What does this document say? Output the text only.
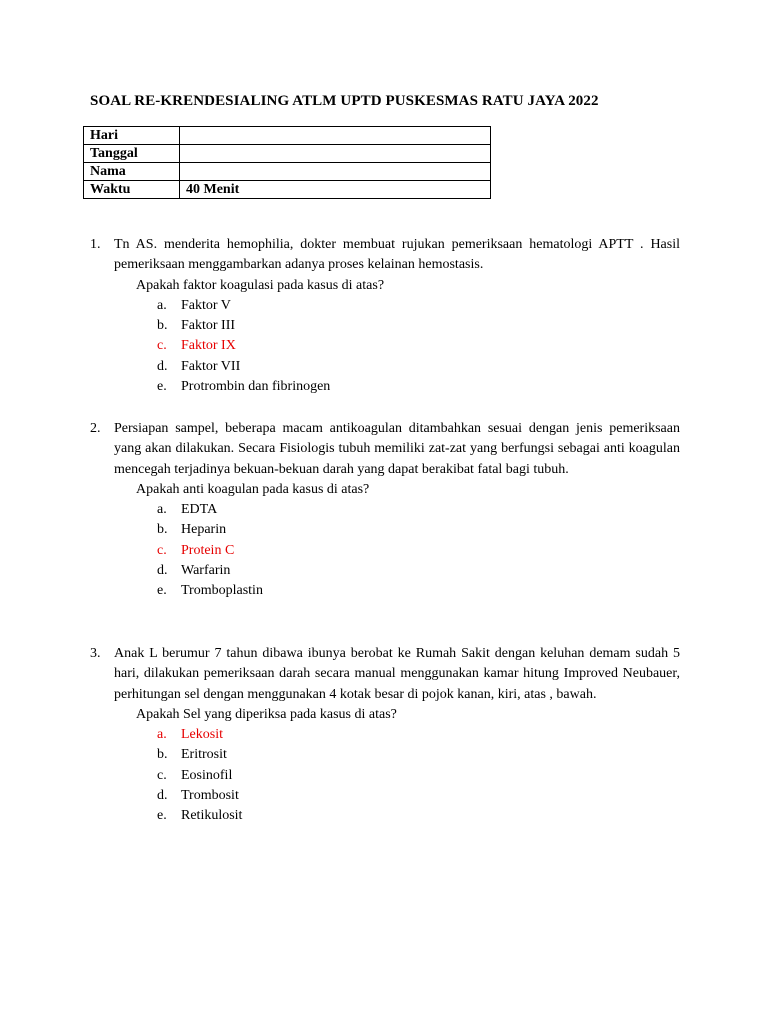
SOAL RE-KRENDESIALING ATLM UPTD PUSKESMAS RATU JAYA 2022
Hari	
Tanggal	
Nama	
Waktu	40 Menit
1. Tn AS. menderita hemophilia, dokter membuat rujukan pemeriksaan hematologi APTT . Hasil pemeriksaan menggambarkan adanya proses kelainan hemostasis.
Apakah faktor koagulasi pada kasus di atas?
a. Faktor V
b. Faktor III
c. Faktor IX
d. Faktor VII
e. Protrombin dan fibrinogen
2. Persiapan sampel, beberapa macam antikoagulan ditambahkan sesuai dengan jenis pemeriksaan yang akan dilakukan. Secara Fisiologis tubuh memiliki zat-zat yang berfungsi sebagai anti koagulan mencegah terjadinya bekuan-bekuan darah yang dapat berakibat fatal bagi tubuh.
Apakah anti koagulan pada kasus di atas?
a. EDTA
b. Heparin
c. Protein C
d. Warfarin
e. Tromboplastin
3. Anak L berumur 7 tahun dibawa ibunya berobat ke Rumah Sakit dengan keluhan demam sudah 5 hari, dilakukan pemeriksaan darah secara manual menggunakan kamar hitung Improved Neubauer, perhitungan sel dengan menggunakan 4 kotak besar di pojok kanan, kiri, atas , bawah.
Apakah Sel yang diperiksa pada kasus di atas?
a. Lekosit
b. Eritrosit
c. Eosinofil
d. Trombosit
e. Retikulosit
